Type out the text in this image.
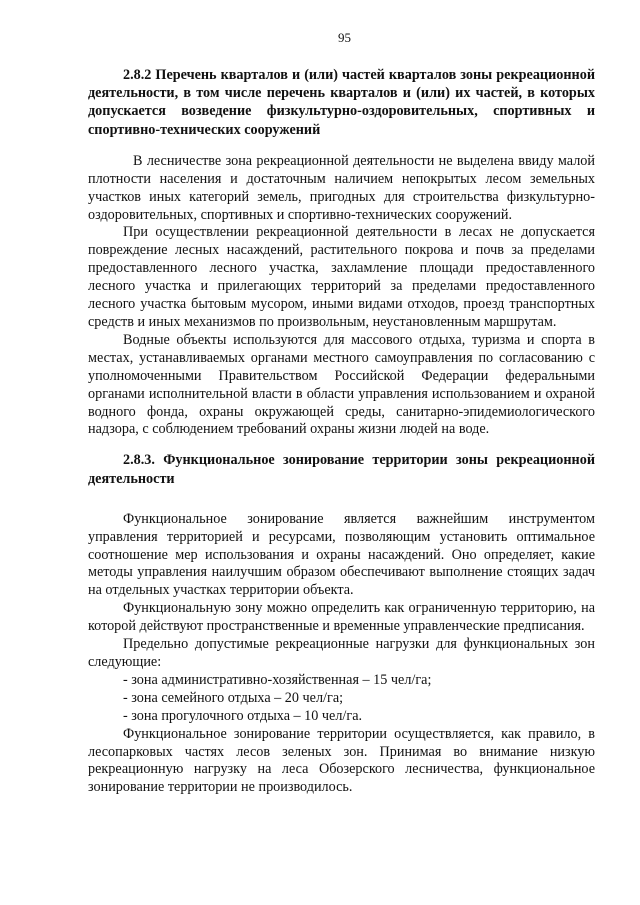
95
2.8.2 Перечень кварталов и (или) частей кварталов зоны рекреационной деятельности, в том числе перечень кварталов и (или) их частей, в которых допускается возведение физкультурно-оздоровительных, спортивных и спортивно-технических сооружений

В лесничестве зона рекреационной деятельности не выделена ввиду малой плотности населения и достаточным наличием непокрытых лесом земельных участков иных категорий земель, пригодных для строительства физкультурно-оздоровительных, спортивных и спортивно-технических сооружений.

При осуществлении рекреационной деятельности в лесах не допускается повреждение лесных насаждений, растительного покрова и почв за пределами предоставленного лесного участка, захламление площади предоставленного лесного участка и прилегающих территорий за пределами предоставленного лесного участка бытовым мусором, иными видами отходов, проезд транспортных средств и иных механизмов по произвольным, неустановленным маршрутам.

Водные объекты используются для массового отдыха, туризма и спорта в местах, устанавливаемых органами местного самоуправления по согласованию с уполномоченными Правительством Российской Федерации федеральными органами исполнительной власти в области управления использованием и охраной водного фонда, охраны окружающей среды, санитарно-эпидемиологического надзора, с соблюдением требований охраны жизни людей на воде.

2.8.3. Функциональное зонирование территории зоны рекреационной деятельности

Функциональное зонирование является важнейшим инструментом управления территорией и ресурсами, позволяющим установить оптимальное соотношение мер использования и охраны насаждений. Оно определяет, какие методы управления наилучшим образом обеспечивают выполнение стоящих задач на отдельных участках территории объекта.

Функциональную зону можно определить как ограниченную территорию, на которой действуют пространственные и временные управленческие предписания.

Предельно допустимые рекреационные нагрузки для функциональных зон следующие:

- зона административно-хозяйственная – 15 чел/га;

- зона семейного отдыха – 20 чел/га;

- зона прогулочного отдыха – 10 чел/га.

Функциональное зонирование территории осуществляется, как правило, в лесопарковых частях лесов зеленых зон. Принимая во внимание низкую рекреационную нагрузку на леса Обозерского лесничества, функциональное зонирование территории не производилось.
